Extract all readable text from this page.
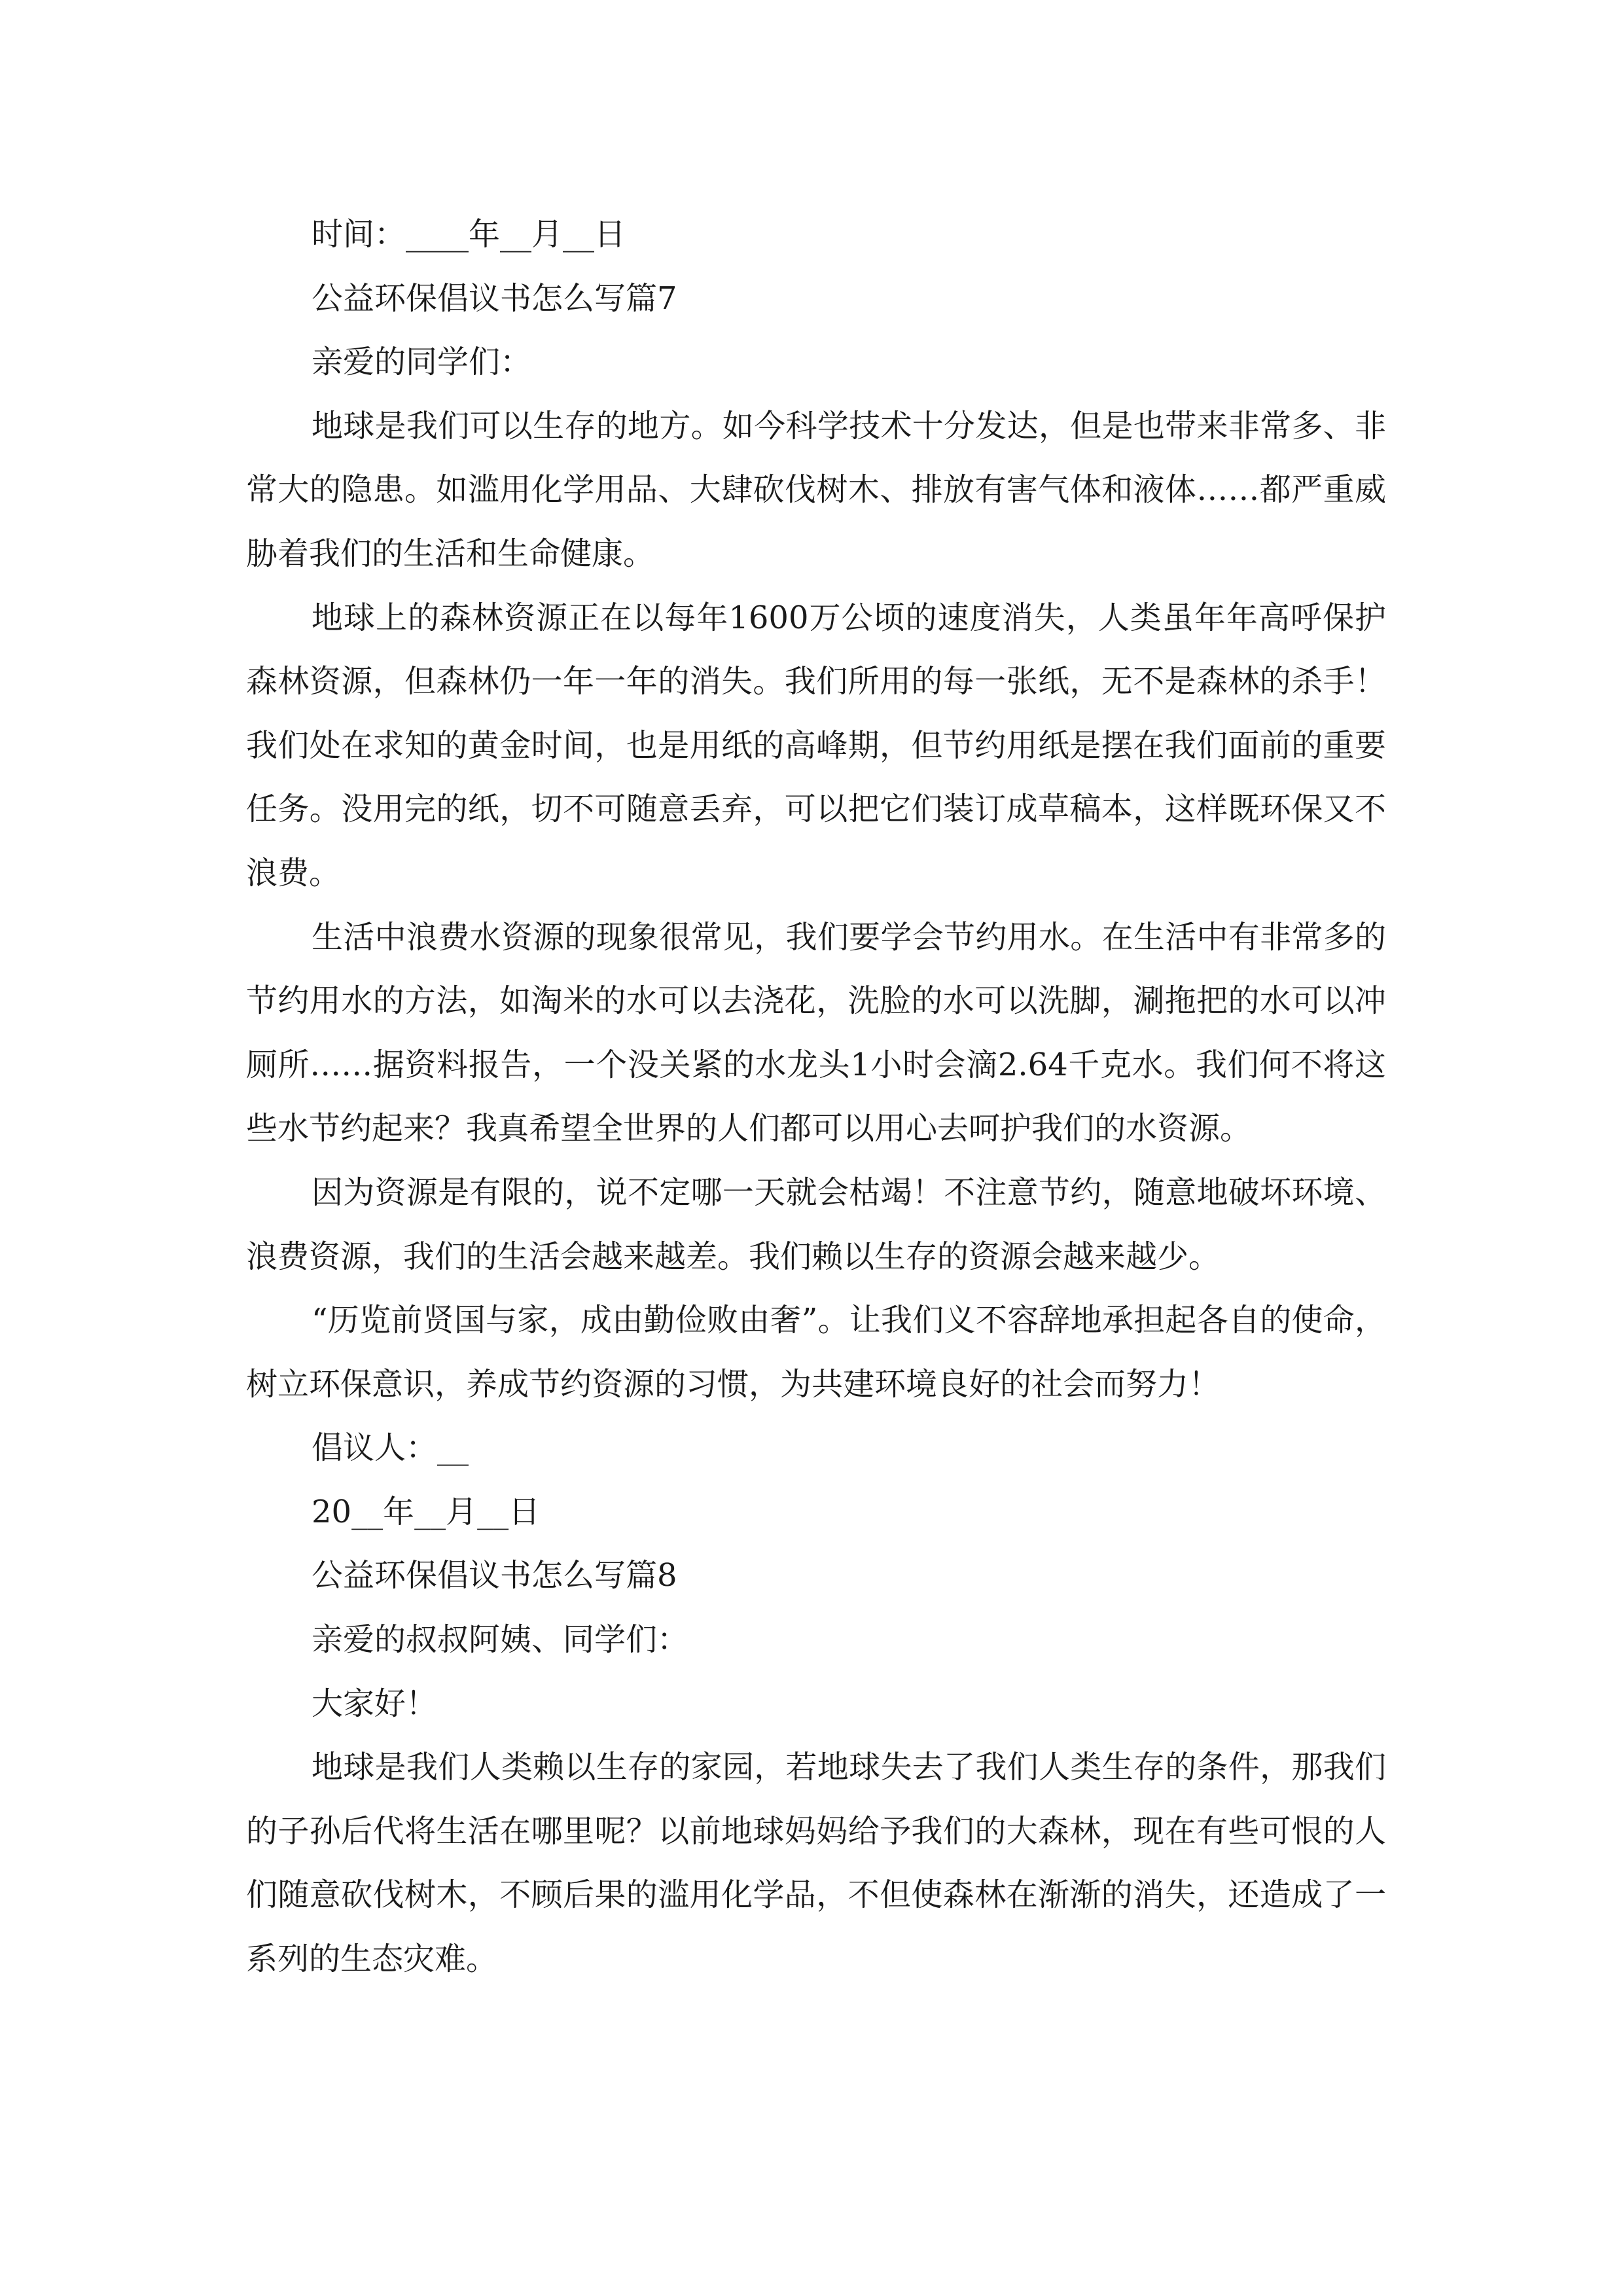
时间：____年__月__日

公益环保倡议书怎么写篇7

亲爱的同学们：

地球是我们可以生存的地方。如今科学技术十分发达，但是也带来非常多、非常大的隐患。如滥用化学用品、大肆砍伐树木、排放有害气体和液体……都严重威胁着我们的生活和生命健康。

地球上的森林资源正在以每年1600万公顷的速度消失，人类虽年年高呼保护森林资源，但森林仍一年一年的消失。我们所用的每一张纸，无不是森林的杀手！我们处在求知的黄金时间，也是用纸的高峰期，但节约用纸是摆在我们面前的重要任务。没用完的纸，切不可随意丢弃，可以把它们装订成草稿本，这样既环保又不浪费。

生活中浪费水资源的现象很常见，我们要学会节约用水。在生活中有非常多的节约用水的方法，如淘米的水可以去浇花，洗脸的水可以洗脚，涮拖把的水可以冲厕所……据资料报告，一个没关紧的水龙头1小时会滴2.64千克水。我们何不将这些水节约起来？我真希望全世界的人们都可以用心去呵护我们的水资源。

因为资源是有限的，说不定哪一天就会枯竭！不注意节约，随意地破坏环境、浪费资源，我们的生活会越来越差。我们赖以生存的资源会越来越少。

“历览前贤国与家，成由勤俭败由奢”。让我们义不容辞地承担起各自的使命，树立环保意识，养成节约资源的习惯，为共建环境良好的社会而努力！

倡议人：__

20__年__月__日

公益环保倡议书怎么写篇8

亲爱的叔叔阿姨、同学们：

大家好！

地球是我们人类赖以生存的家园，若地球失去了我们人类生存的条件，那我们的子孙后代将生活在哪里呢？以前地球妈妈给予我们的大森林，现在有些可恨的人们随意砍伐树木，不顾后果的滥用化学品，不但使森林在渐渐的消失，还造成了一系列的生态灾难。
